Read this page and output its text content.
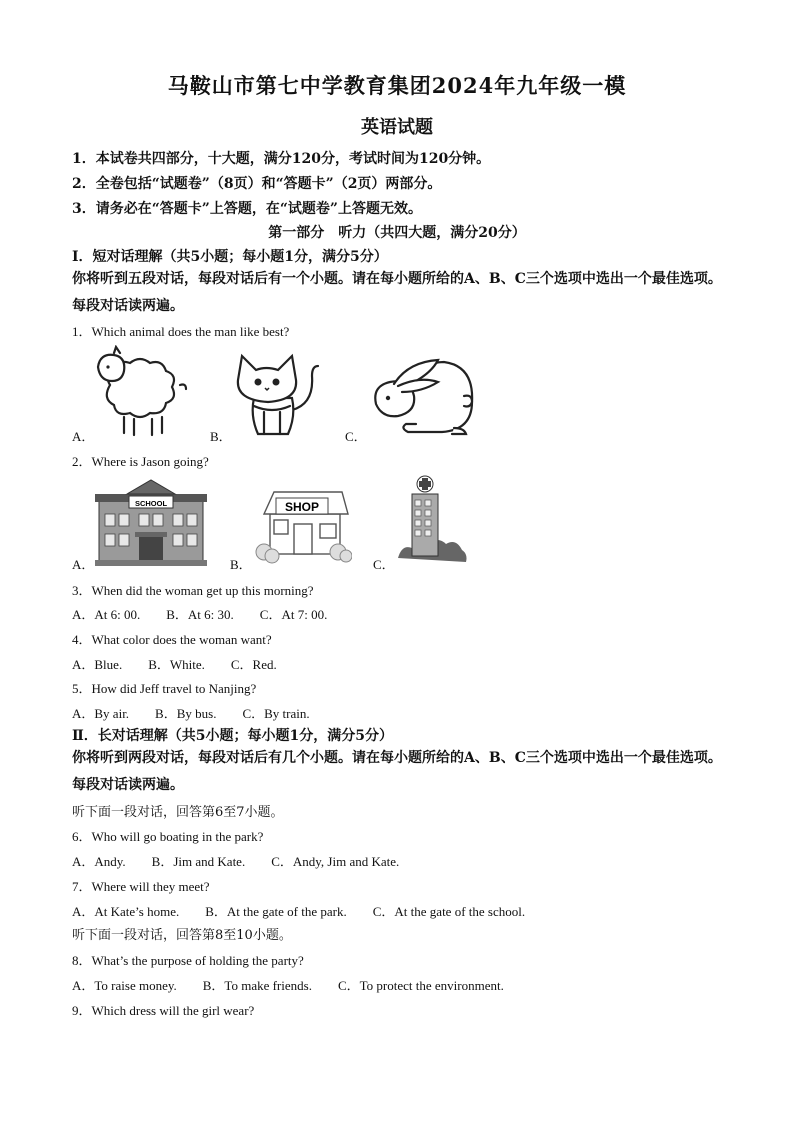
马鞍山市第七中学教育集团2024年九年级一模
英语试题
1．本试卷共四部分，十大题，满分120分，考试时间为120分钟。
2．全卷包括“试题卷”（8页）和“答题卡”（2页）两部分。
3．请务必在“答题卡”上答题，在“试题卷”上答题无效。
第一部分　听力（共四大题，满分20分）
Ⅰ．短对话理解（共5小题；每小题1分，满分5分）
你将听到五段对话，每段对话后有一个小题。请在每小题所给的A、B、C三个选项中选出一个最佳选项。每段对话读两遍。
1．Which animal does the man like best?
A．	B．	C．
2．Where is Jason going?
A．	B．	C．
SCHOOL	SHOP
3．When did the woman get up this morning?
A．At 6: 00.　　B．At 6: 30.　　C．At 7: 00.
4．What color does the woman want?
A．Blue.　　B．White.　　C．Red.
5．How did Jeff travel to Nanjing?
A．By air.　　B．By bus.　　C．By train.
Ⅱ．长对话理解（共5小题；每小题1分，满分5分）
你将听到两段对话，每段对话后有几个小题。请在每小题所给的A、B、C三个选项中选出一个最佳选项。每段对话读两遍。
听下面一段对话，回答第6至7小题。
6．Who will go boating in the park?
A．Andy.　　B．Jim and Kate.　　C．Andy, Jim and Kate.
7．Where will they meet?
A．At Kate’s home.　　B．At the gate of the park.　　C．At the gate of the school.
听下面一段对话，回答第8至10小题。
8．What’s the purpose of holding the party?
A．To raise money.　　B．To make friends.　　C．To protect the environment.
9．Which dress will the girl wear?
